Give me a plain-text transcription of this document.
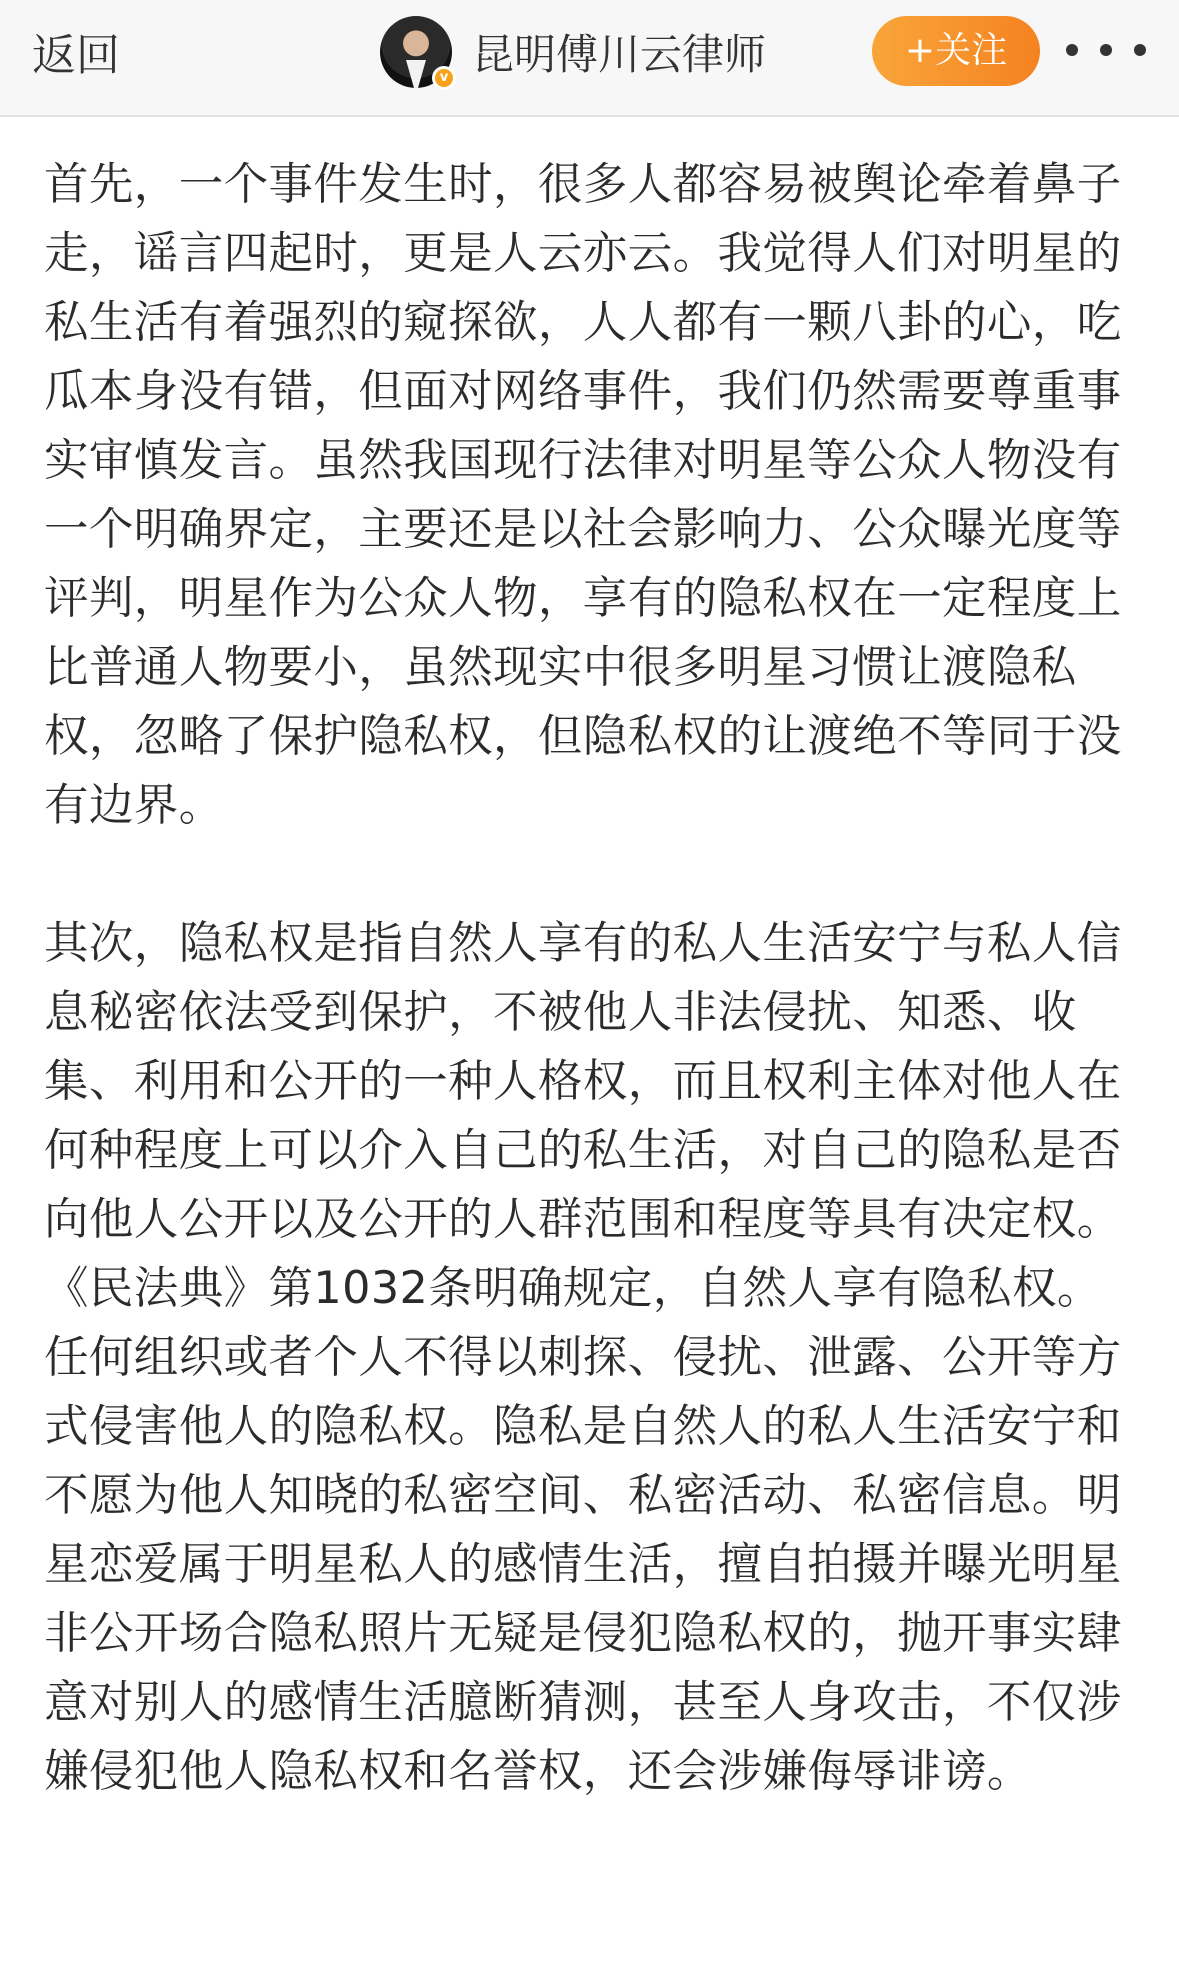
返回	v 昆明傅川云律师	+关注

首先，一个事件发生时，很多人都容易被舆论牵着鼻子走，谣言四起时，更是人云亦云。我觉得人们对明星的私生活有着强烈的窥探欲，人人都有一颗八卦的心，吃瓜本身没有错，但面对网络事件，我们仍然需要尊重事实审慎发言。虽然我国现行法律对明星等公众人物没有一个明确界定，主要还是以社会影响力、公众曝光度等评判，明星作为公众人物，享有的隐私权在一定程度上比普通人物要小，虽然现实中很多明星习惯让渡隐私权，忽略了保护隐私权，但隐私权的让渡绝不等同于没有边界。

其次，隐私权是指自然人享有的私人生活安宁与私人信息秘密依法受到保护，不被他人非法侵扰、知悉、收集、利用和公开的一种人格权，而且权利主体对他人在何种程度上可以介入自己的私生活，对自己的隐私是否向他人公开以及公开的人群范围和程度等具有决定权。《民法典》第1032条明确规定，自然人享有隐私权。任何组织或者个人不得以刺探、侵扰、泄露、公开等方式侵害他人的隐私权。隐私是自然人的私人生活安宁和不愿为他人知晓的私密空间、私密活动、私密信息。明星恋爱属于明星私人的感情生活，擅自拍摄并曝光明星非公开场合隐私照片无疑是侵犯隐私权的，抛开事实肆意对别人的感情生活臆断猜测，甚至人身攻击，不仅涉嫌侵犯他人隐私权和名誉权，还会涉嫌侮辱诽谤。
